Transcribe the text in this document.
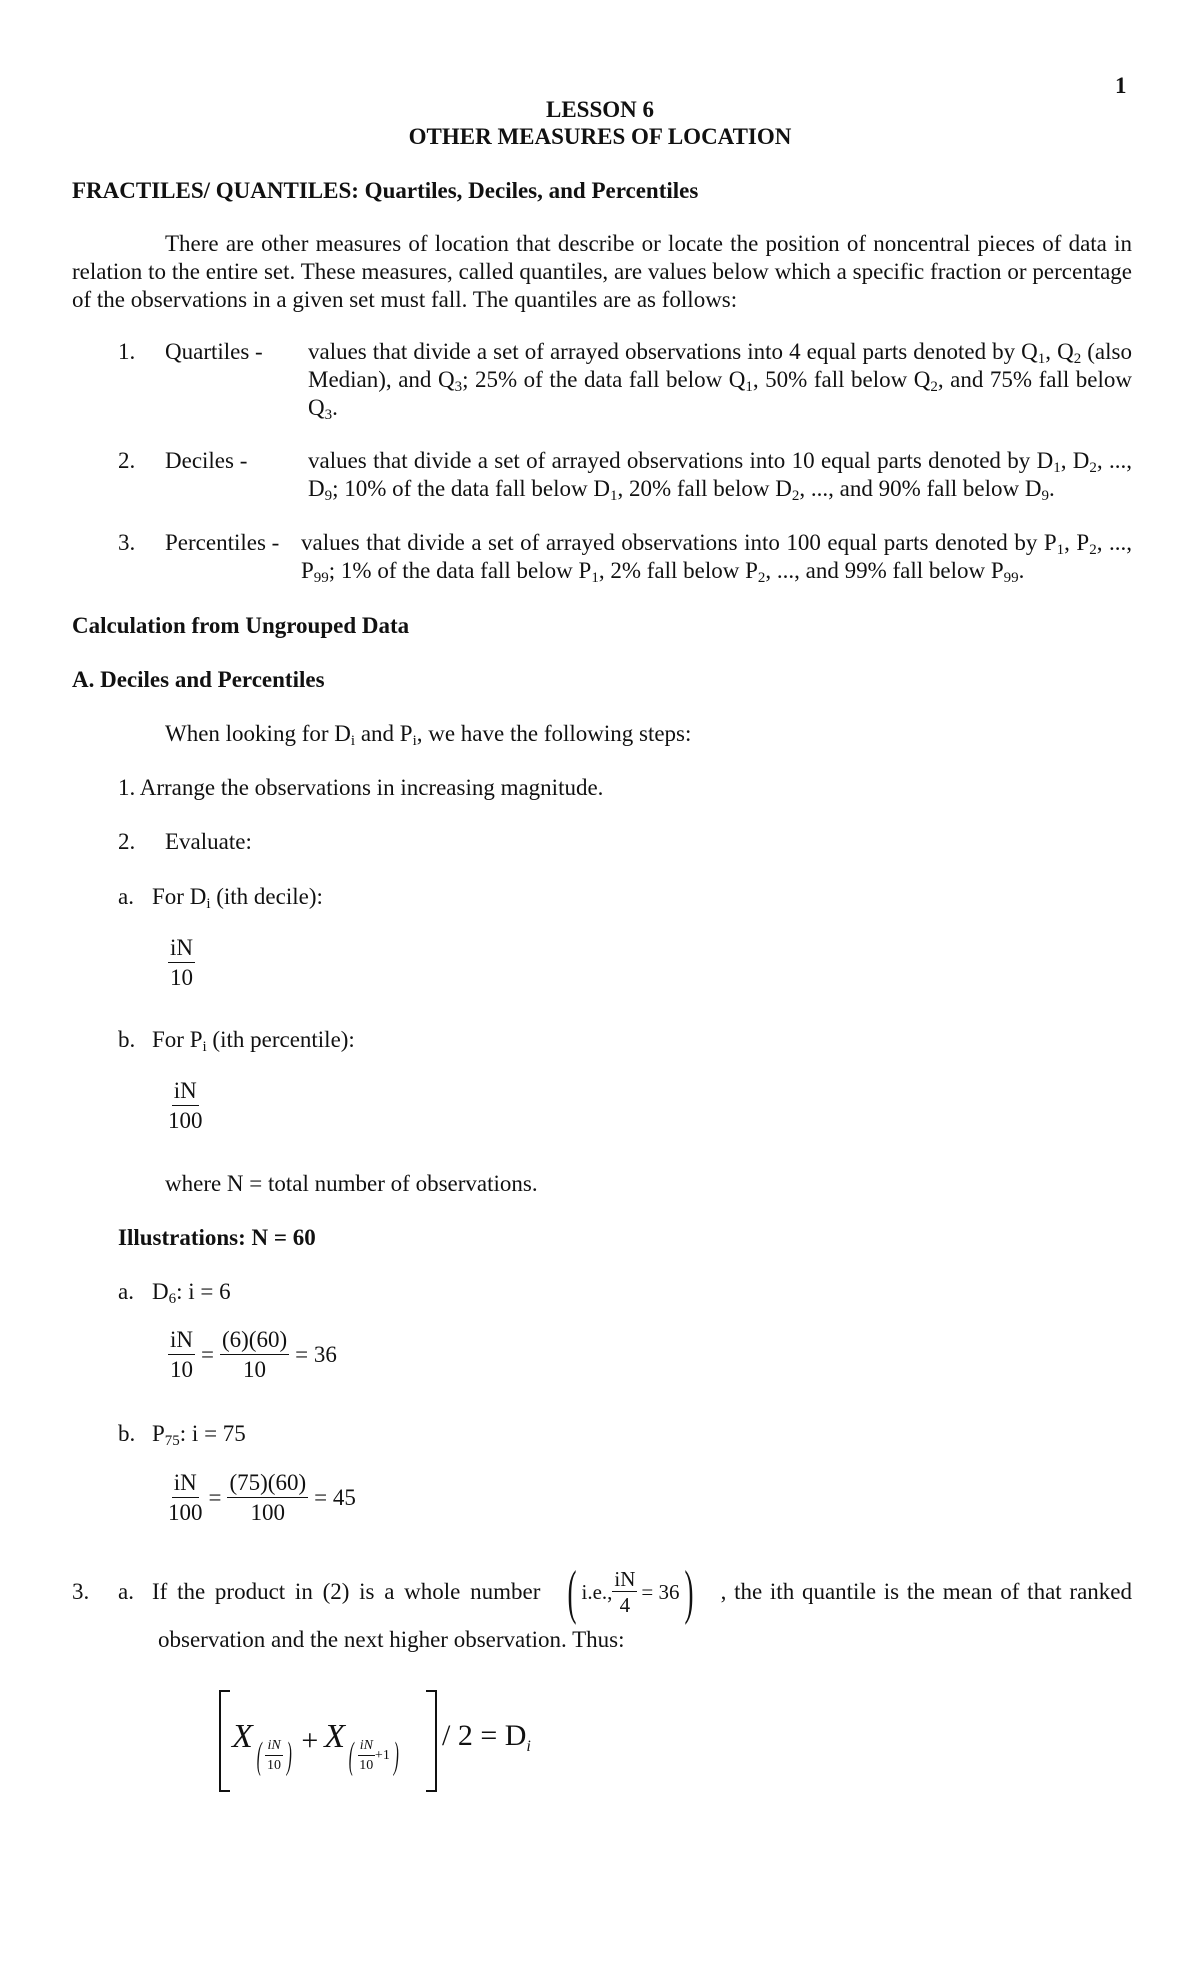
1
LESSON 6
OTHER MEASURES OF LOCATION
FRACTILES/ QUANTILES: Quartiles, Deciles, and Percentiles
There are other measures of location that describe or locate the position of noncentral pieces of data in relation to the entire set. These measures, called quantiles, are values below which a specific fraction or percentage of the observations in a given set must fall. The quantiles are as follows:
1. Quartiles - values that divide a set of arrayed observations into 4 equal parts denoted by $Q_1$, $Q_2$ (also Median), and $Q_3$; 25% of the data fall below $Q_1$, 50% fall below $Q_2$, and 75% fall below $Q_3$.
2. Deciles -	values that divide a set of arrayed observations into 10 equal parts denoted by $D_1$, $D_2$, ..., $D_9$; 10% of the data fall below $D_1$, 20% fall below $D_2$, ..., and 90% fall below $D_9$.
3. Percentiles - values that divide a set of arrayed observations into 100 equal parts denoted by $P_1$, $P_2$, ..., $P_{99}$; 1% of the data fall below $P_1$, 2% fall below $P_2$, ..., and 99% fall below $P_{99}$.
Calculation from Ungrouped Data
A. Deciles and Percentiles
When looking for $D_i$ and $P_i$, we have the following steps:
1. Arrange the observations in increasing magnitude.
2. Evaluate:
a. For $D_i$ (ith decile):
$\frac{iN}{10}$
b. For $P_i$ (ith percentile):
$\frac{iN}{100}$
where N = total number of observations.
Illustrations: N = 60
a. $D_6$: i = 6
$\frac{iN}{10} = \frac{(6)(60)}{10} = 36$
b. $P_{75}$: i = 75
$\frac{iN}{100} = \frac{(75)(60)}{100} = 45$
3. a. If the product in (2) is a whole number ( i.e., $\frac{iN}{4} = 36$ ) , the ith quantile is the mean of that ranked
observation and the next higher observation. Thus:
X ( $\frac{iN}{10}$ ) + X ( $\frac{iN}{10} +1$ ) / $2 = D_i$
